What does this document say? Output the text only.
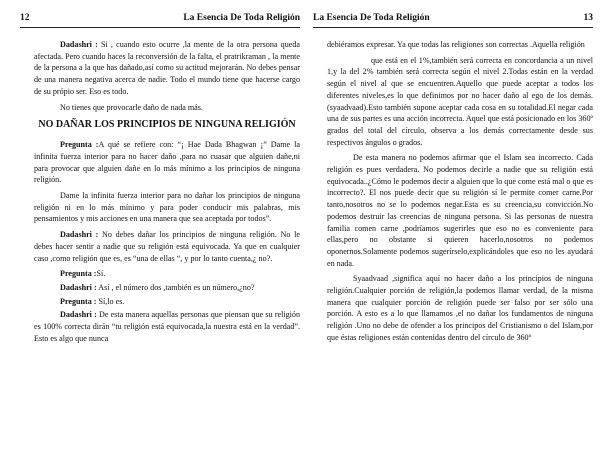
12	La Esencia De Toda Religión

Dadashri : Si , cuando esto ocurre ,la mente de la otra persona queda afectada. Pero cuando haces la reconversión de la falta, el pratrikraman , la mente de la persona a la que has dañado,así como su actitud mejorarán. No debes pensar de una manera negativa acerca de nadie. Todo el mundo tiene que hacerse cargo de su própio ser. Eso es todo.

No tienes que provocarle daño de nada más.

NO DAÑAR LOS PRINCIPIOS DE NINGUNA RELIGIÓN

Pregunta :A qué se refiere con: “¡ Hae Dada Bhagwan ¡” Dame la infinita fuerza interior para no hacer daño ,para no cuasar que alguien dañe,ni para provocar que alguien dañe en lo más mínimo a los principios de ninguna religión.

Dame la infinita fuerza interior para no dañar los principios de ninguna religión ni en lo más mínimo y para poder conducir mis palabras, mis pensamientos y mis acciones en una manera que sea aceptada por todos”.

Dadashri : No debes dañar los principios de ninguna religión. No le debes hacer sentir a nadie que su religión está equivocada. Ya que en cualquier caso ,como religión que es, es “una de ellas “, y por lo tanto cuenta,¿ no?.

Pregunta :Sí.

Dadashri : Así , el número dos ,también es un número,¿no?

Pregunta : Sí,lo es.

Dadashri : De esta manera aquellas personas que piensan que su religión es 100% correcta dirán “tu religión está equivocada,la nuestra está en la verdad”. Esto es algo que nunca

La Esencia De Toda Religión	13

debiéramos expresar. Ya que todas las religiones son correctas .Aquella religión

que está en el 1%,también será correcta en concordancia a un nivel 1,y la del 2% también será correcta según el nivel 2.Todas están en la verdad según el nivel al que se encuentren.Aquello que puede aceptar a todos los diferentes niveles,es lo que definimos por no hacer daño al ego de los demás.(syaadvaad).Esto también supone aceptar cada cosa en su totalidad.El negar cada una de sus partes es una acción incorrecta. Aquel que está posicionado en los 360º grados del total del círculo, observa a los demás correctamente desde sus respectivos ángulos o grados.

De esta manera no podemos afirmar que el Islam sea incorrecto. Cada religión es pues verdadera. No podemos decirle a nadie que su religión está equivocada..¿Cómo le podemos decir a alguien que lo que come está mal o que es incorrecto?. El nos puede decir que su religión sí le permite comer carne.Por tanto,nosotros no se lo podemos negar.Esta es su creencia,su convicción.No podemos destruir las creencias de ninguna persona. Si las personas de nuestra familia comen carne ,podríamos sugerirles que eso no es conveniente para ellas,pero no obstante si quieren hacerlo,nosotros no podemos oponernos.Solamente podemos sugerírselo,explicándoles que eso no les ayudará en nada.

Syaadvaad ,significa aquí no hacer daño a los principios de ninguna religión.Cualquier porción de religión,la podemos llamar verdad, de la misma manera que cualquier porción de religión puede ser falso por ser sólo una porción. A esto es a lo que llamamos ,el no dañar los fundamentos de ninguna religión .Uno no debe de ofender a los principos del Cristianismo o del Islam,por que éstas religiones están contenidas dentro del círculo de 360º
